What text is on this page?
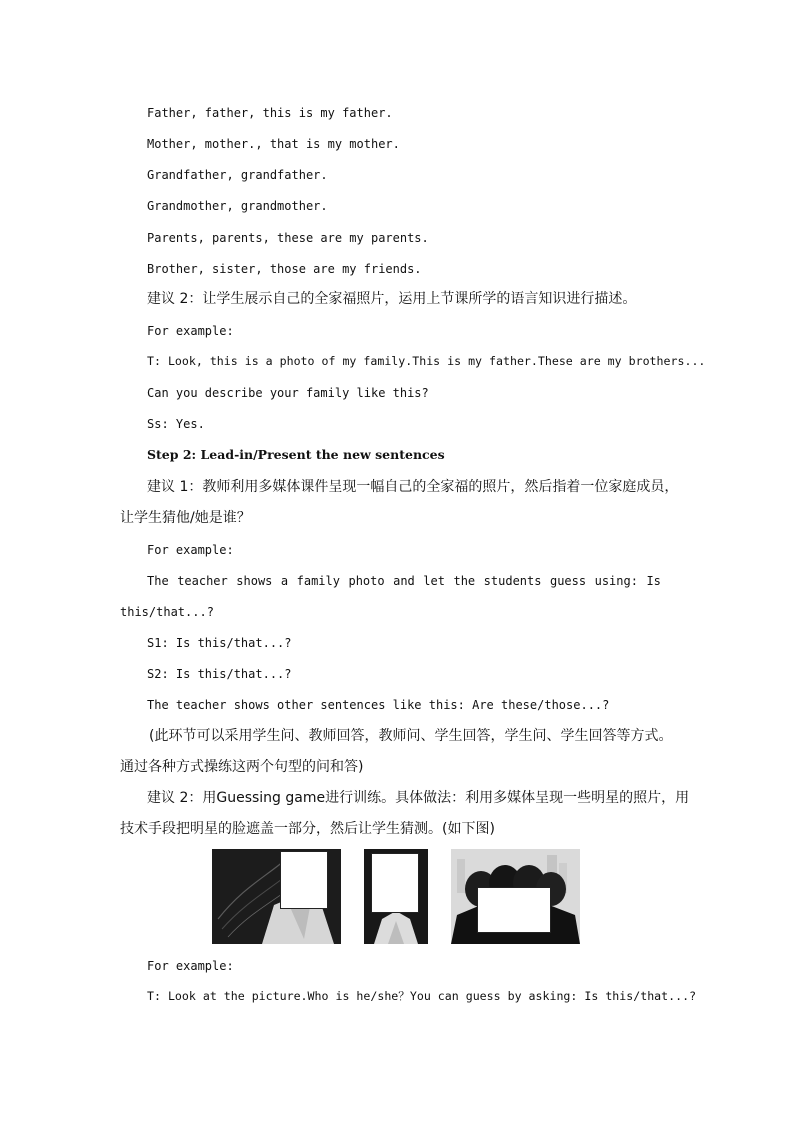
Father, father, this is my father.
Mother, mother., that is my mother.
Grandfather, grandfather.
Grandmother, grandmother.
Parents, parents, these are my parents.
Brother, sister, those are my friends.
建议 2：让学生展示自己的全家福照片，运用上节课所学的语言知识进行描述。
For example:
T: Look, this is a photo of my family.This is my father.These are my brothers...
Can you describe your family like this?
Ss: Yes.
Step 2: Lead-in/Present the new sentences
建议 1：教师利用多媒体课件呈现一幅自己的全家福的照片，然后指着一位家庭成员，
让学生猜他/她是谁？
For example:
The teacher shows a family photo and let the students guess using: Is
this/that...?
S1: Is this/that...?
S2: Is this/that...?
The teacher shows other sentences like this: Are these/those...?
(此环节可以采用学生问、教师回答，教师问、学生回答，学生问、学生回答等方式。
通过各种方式操练这两个句型的问和答)
建议 2：用Guessing game进行训练。具体做法：利用多媒体呈现一些明星的照片，用
技术手段把明星的脸遮盖一部分，然后让学生猜测。(如下图)
For example:
T: Look at the picture.Who is he/she？You can guess by asking: Is this/that...?
